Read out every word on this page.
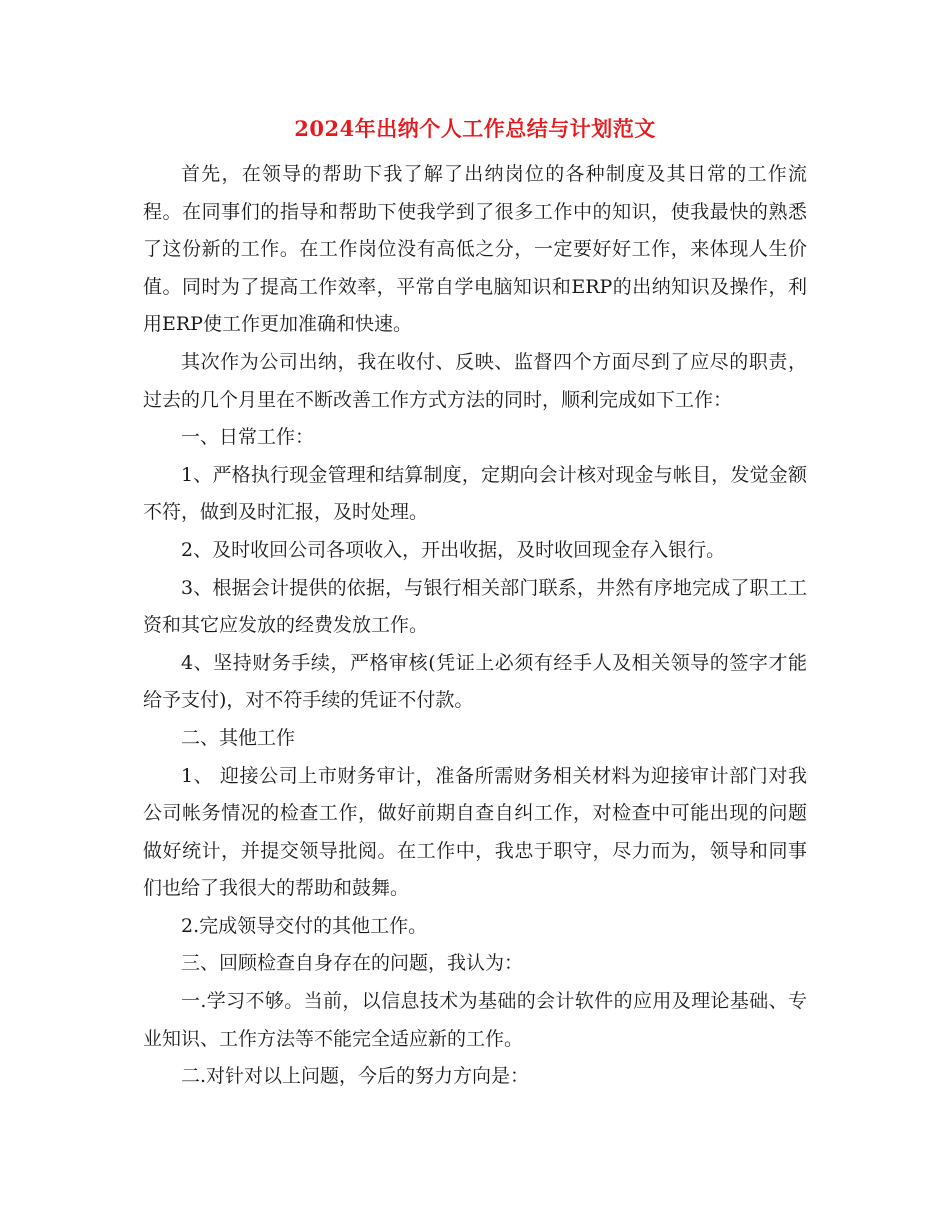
2024年出纳个人工作总结与计划范文

首先，在领导的帮助下我了解了出纳岗位的各种制度及其日常的工作流程。在同事们的指导和帮助下使我学到了很多工作中的知识，使我最快的熟悉了这份新的工作。在工作岗位没有高低之分，一定要好好工作，来体现人生价值。同时为了提高工作效率，平常自学电脑知识和ERP的出纳知识及操作，利用ERP使工作更加准确和快速。

其次作为公司出纳，我在收付、反映、监督四个方面尽到了应尽的职责，过去的几个月里在不断改善工作方式方法的同时，顺利完成如下工作：

一、日常工作：

1、严格执行现金管理和结算制度，定期向会计核对现金与帐目，发觉金额不符，做到及时汇报，及时处理。

2、及时收回公司各项收入，开出收据，及时收回现金存入银行。

3、根据会计提供的依据，与银行相关部门联系，井然有序地完成了职工工资和其它应发放的经费发放工作。

4、坚持财务手续，严格审核(凭证上必须有经手人及相关领导的签字才能给予支付)，对不符手续的凭证不付款。

二、其他工作

1、 迎接公司上市财务审计，准备所需财务相关材料为迎接审计部门对我公司帐务情况的检查工作，做好前期自查自纠工作，对检查中可能出现的问题做好统计，并提交领导批阅。在工作中，我忠于职守，尽力而为，领导和同事们也给了我很大的帮助和鼓舞。

2.完成领导交付的其他工作。

三、回顾检查自身存在的问题，我认为：

一.学习不够。当前，以信息技术为基础的会计软件的应用及理论基础、专业知识、工作方法等不能完全适应新的工作。

二.对针对以上问题，今后的努力方向是：
